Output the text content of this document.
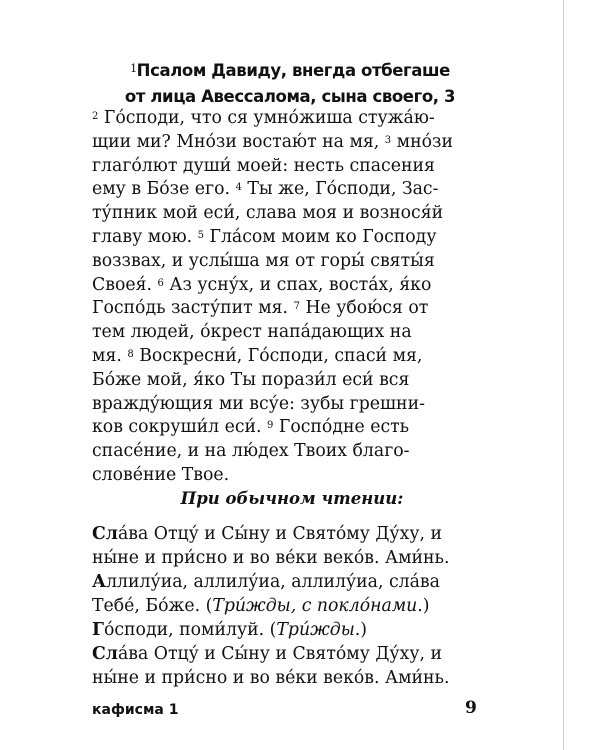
$^1$Псалом Давиду, внегда отбегаше
от лица Авессалома, сына своего, 3
$^2$ Го́споди, что ся умно́жиша стужа́ю-
щии ми? Мно́зи востаю́т на мя, $^3$ мно́зи
глаго́лют души́ моей: несть спасения
ему в Бо́зе его. $^4$ Ты же, Го́споди, Зас-
ту́пник мой еси́, слава моя и вознося́й
главу мою. $^5$ Гла́сом моим ко Господу
воззвах, и услы́ша мя от горы́ святы́я
Своея́. $^6$ Аз усну́х, и спах, воста́х, я́ко
Госпо́дь засту́пит мя. $^7$ Не убою́ся от
тем людей, о́крест напа́дающих на
мя. $^8$ Воскресни́, Го́споди, спаси́ мя,
Бо́же мой, я́ко Ты порази́л еси́ вся
вражду́ющия ми всу́е: зубы грешни-
ков сокруши́л еси́. $^9$ Госпо́дне есть
спасе́ние, и на лю́дех Твоих благо-
слове́ние Твое.
При обычном чтении:
Сла́ва Отцу́ и Сы́ну и Свято́му Ду́ху, и
ны́не и при́сно и во ве́ки веко́в. Ами́нь.
Аллилу́иа, аллилу́иа, аллилу́иа, сла́ва
Тебе́, Бо́же. (Три́жды, с покло́нами.)
Го́споди, поми́луй. (Три́жды.)
Сла́ва Отцу́ и Сы́ну и Свято́му Ду́ху, и
ны́не и при́сно и во ве́ки веко́в. Ами́нь.
кафисма 1	9
